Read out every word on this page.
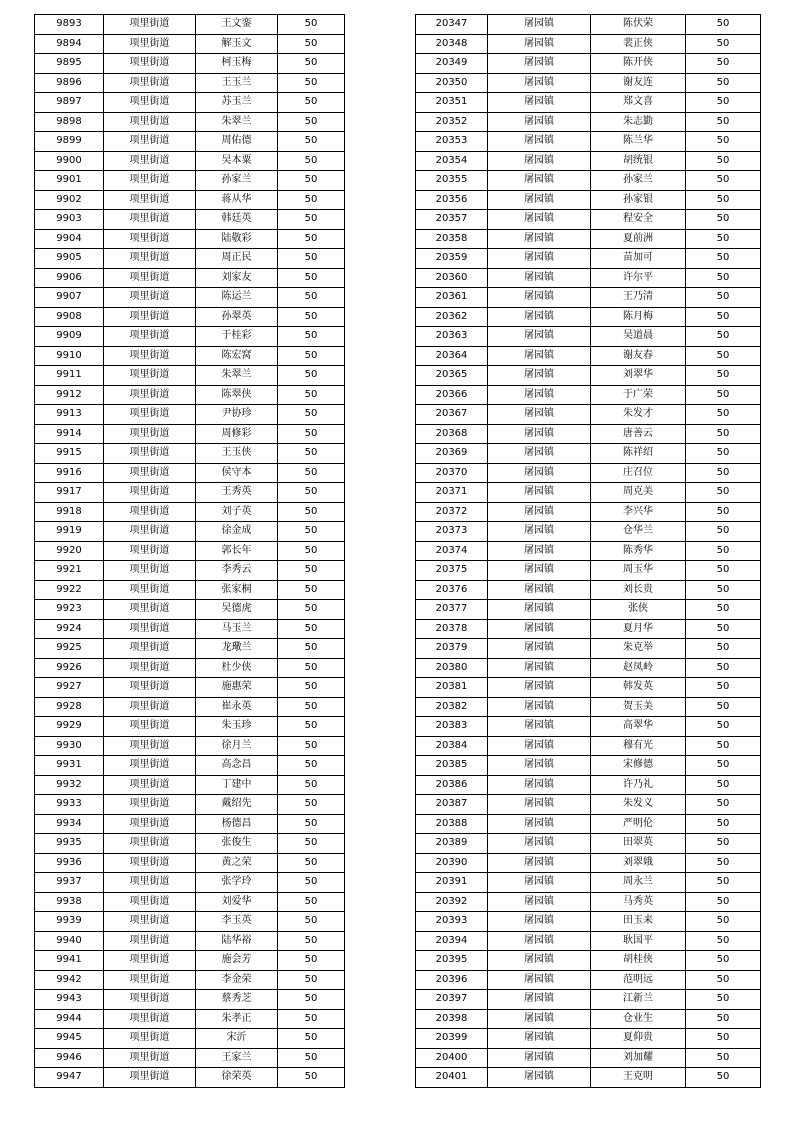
9893	项里街道	王文銮	50
9894	项里街道	解玉文	50
9895	项里街道	柯玉梅	50
9896	项里街道	王玉兰	50
9897	项里街道	苏玉兰	50
9898	项里街道	朱翠兰	50
9899	项里街道	周佑德	50
9900	项里街道	吴本粟	50
9901	项里街道	孙家兰	50
9902	项里街道	蒋从华	50
9903	项里街道	韩廷英	50
9904	项里街道	陆敬彩	50
9905	项里街道	周正民	50
9906	项里街道	刘家友	50
9907	项里街道	陈运兰	50
9908	项里街道	孙翠英	50
9909	项里街道	于桂彩	50
9910	项里街道	陈宏窝	50
9911	项里街道	朱翠兰	50
9912	项里街道	陈翠侠	50
9913	项里街道	尹协珍	50
9914	项里街道	周修彩	50
9915	项里街道	王玉侠	50
9916	项里街道	侯守本	50
9917	项里街道	王秀英	50
9918	项里街道	刘子英	50
9919	项里街道	徐金成	50
9920	项里街道	郭长年	50
9921	项里街道	李秀云	50
9922	项里街道	张家桐	50
9923	项里街道	吴德虎	50
9924	项里街道	马玉兰	50
9925	项里街道	龙璥兰	50
9926	项里街道	杜少侠	50
9927	项里街道	施惠荣	50
9928	项里街道	崔永英	50
9929	项里街道	朱玉珍	50
9930	项里街道	徐月兰	50
9931	项里街道	高念昌	50
9932	项里街道	丁建中	50
9933	项里街道	戴绍先	50
9934	项里街道	杨德昌	50
9935	项里街道	张俊生	50
9936	项里街道	黄之荣	50
9937	项里街道	张学玲	50
9938	项里街道	刘爱华	50
9939	项里街道	李玉英	50
9940	项里街道	陆华裕	50
9941	项里街道	施会芳	50
9942	项里街道	李金荣	50
9943	项里街道	蔡秀芝	50
9944	项里街道	朱孝正	50
9945	项里街道	宋沂	50
9946	项里街道	王家兰	50
9947	项里街道	徐荣英	50
20347	屠园镇	陈伏荣	50
20348	屠园镇	裴正侠	50
20349	屠园镇	陈开侠	50
20350	屠园镇	谢友连	50
20351	屠园镇	郑文喜	50
20352	屠园镇	朱志勤	50
20353	屠园镇	陈兰华	50
20354	屠园镇	胡统银	50
20355	屠园镇	孙家兰	50
20356	屠园镇	孙家银	50
20357	屠园镇	程安全	50
20358	屠园镇	夏前洲	50
20359	屠园镇	苗加可	50
20360	屠园镇	许尔平	50
20361	屠园镇	王乃清	50
20362	屠园镇	陈月梅	50
20363	屠园镇	吴道晨	50
20364	屠园镇	谢友春	50
20365	屠园镇	刘翠华	50
20366	屠园镇	于广荣	50
20367	屠园镇	朱发才	50
20368	屠园镇	唐善云	50
20369	屠园镇	陈祥绍	50
20370	屠园镇	庄召位	50
20371	屠园镇	周克美	50
20372	屠园镇	李兴华	50
20373	屠园镇	仓华兰	50
20374	屠园镇	陈秀华	50
20375	屠园镇	周玉华	50
20376	屠园镇	刘长贵	50
20377	屠园镇	张侠	50
20378	屠园镇	夏月华	50
20379	屠园镇	朱克举	50
20380	屠园镇	赵凤岭	50
20381	屠园镇	韩发英	50
20382	屠园镇	贺玉美	50
20383	屠园镇	高翠华	50
20384	屠园镇	穆有光	50
20385	屠园镇	宋修德	50
20386	屠园镇	许乃礼	50
20387	屠园镇	朱发义	50
20388	屠园镇	严明伦	50
20389	屠园镇	田翠英	50
20390	屠园镇	刘翠娥	50
20391	屠园镇	周永兰	50
20392	屠园镇	马秀英	50
20393	屠园镇	田玉来	50
20394	屠园镇	耿国平	50
20395	屠园镇	胡桂侠	50
20396	屠园镇	范明远	50
20397	屠园镇	江新兰	50
20398	屠园镇	仓业生	50
20399	屠园镇	夏仰贵	50
20400	屠园镇	刘加耀	50
20401	屠园镇	王克明	50
